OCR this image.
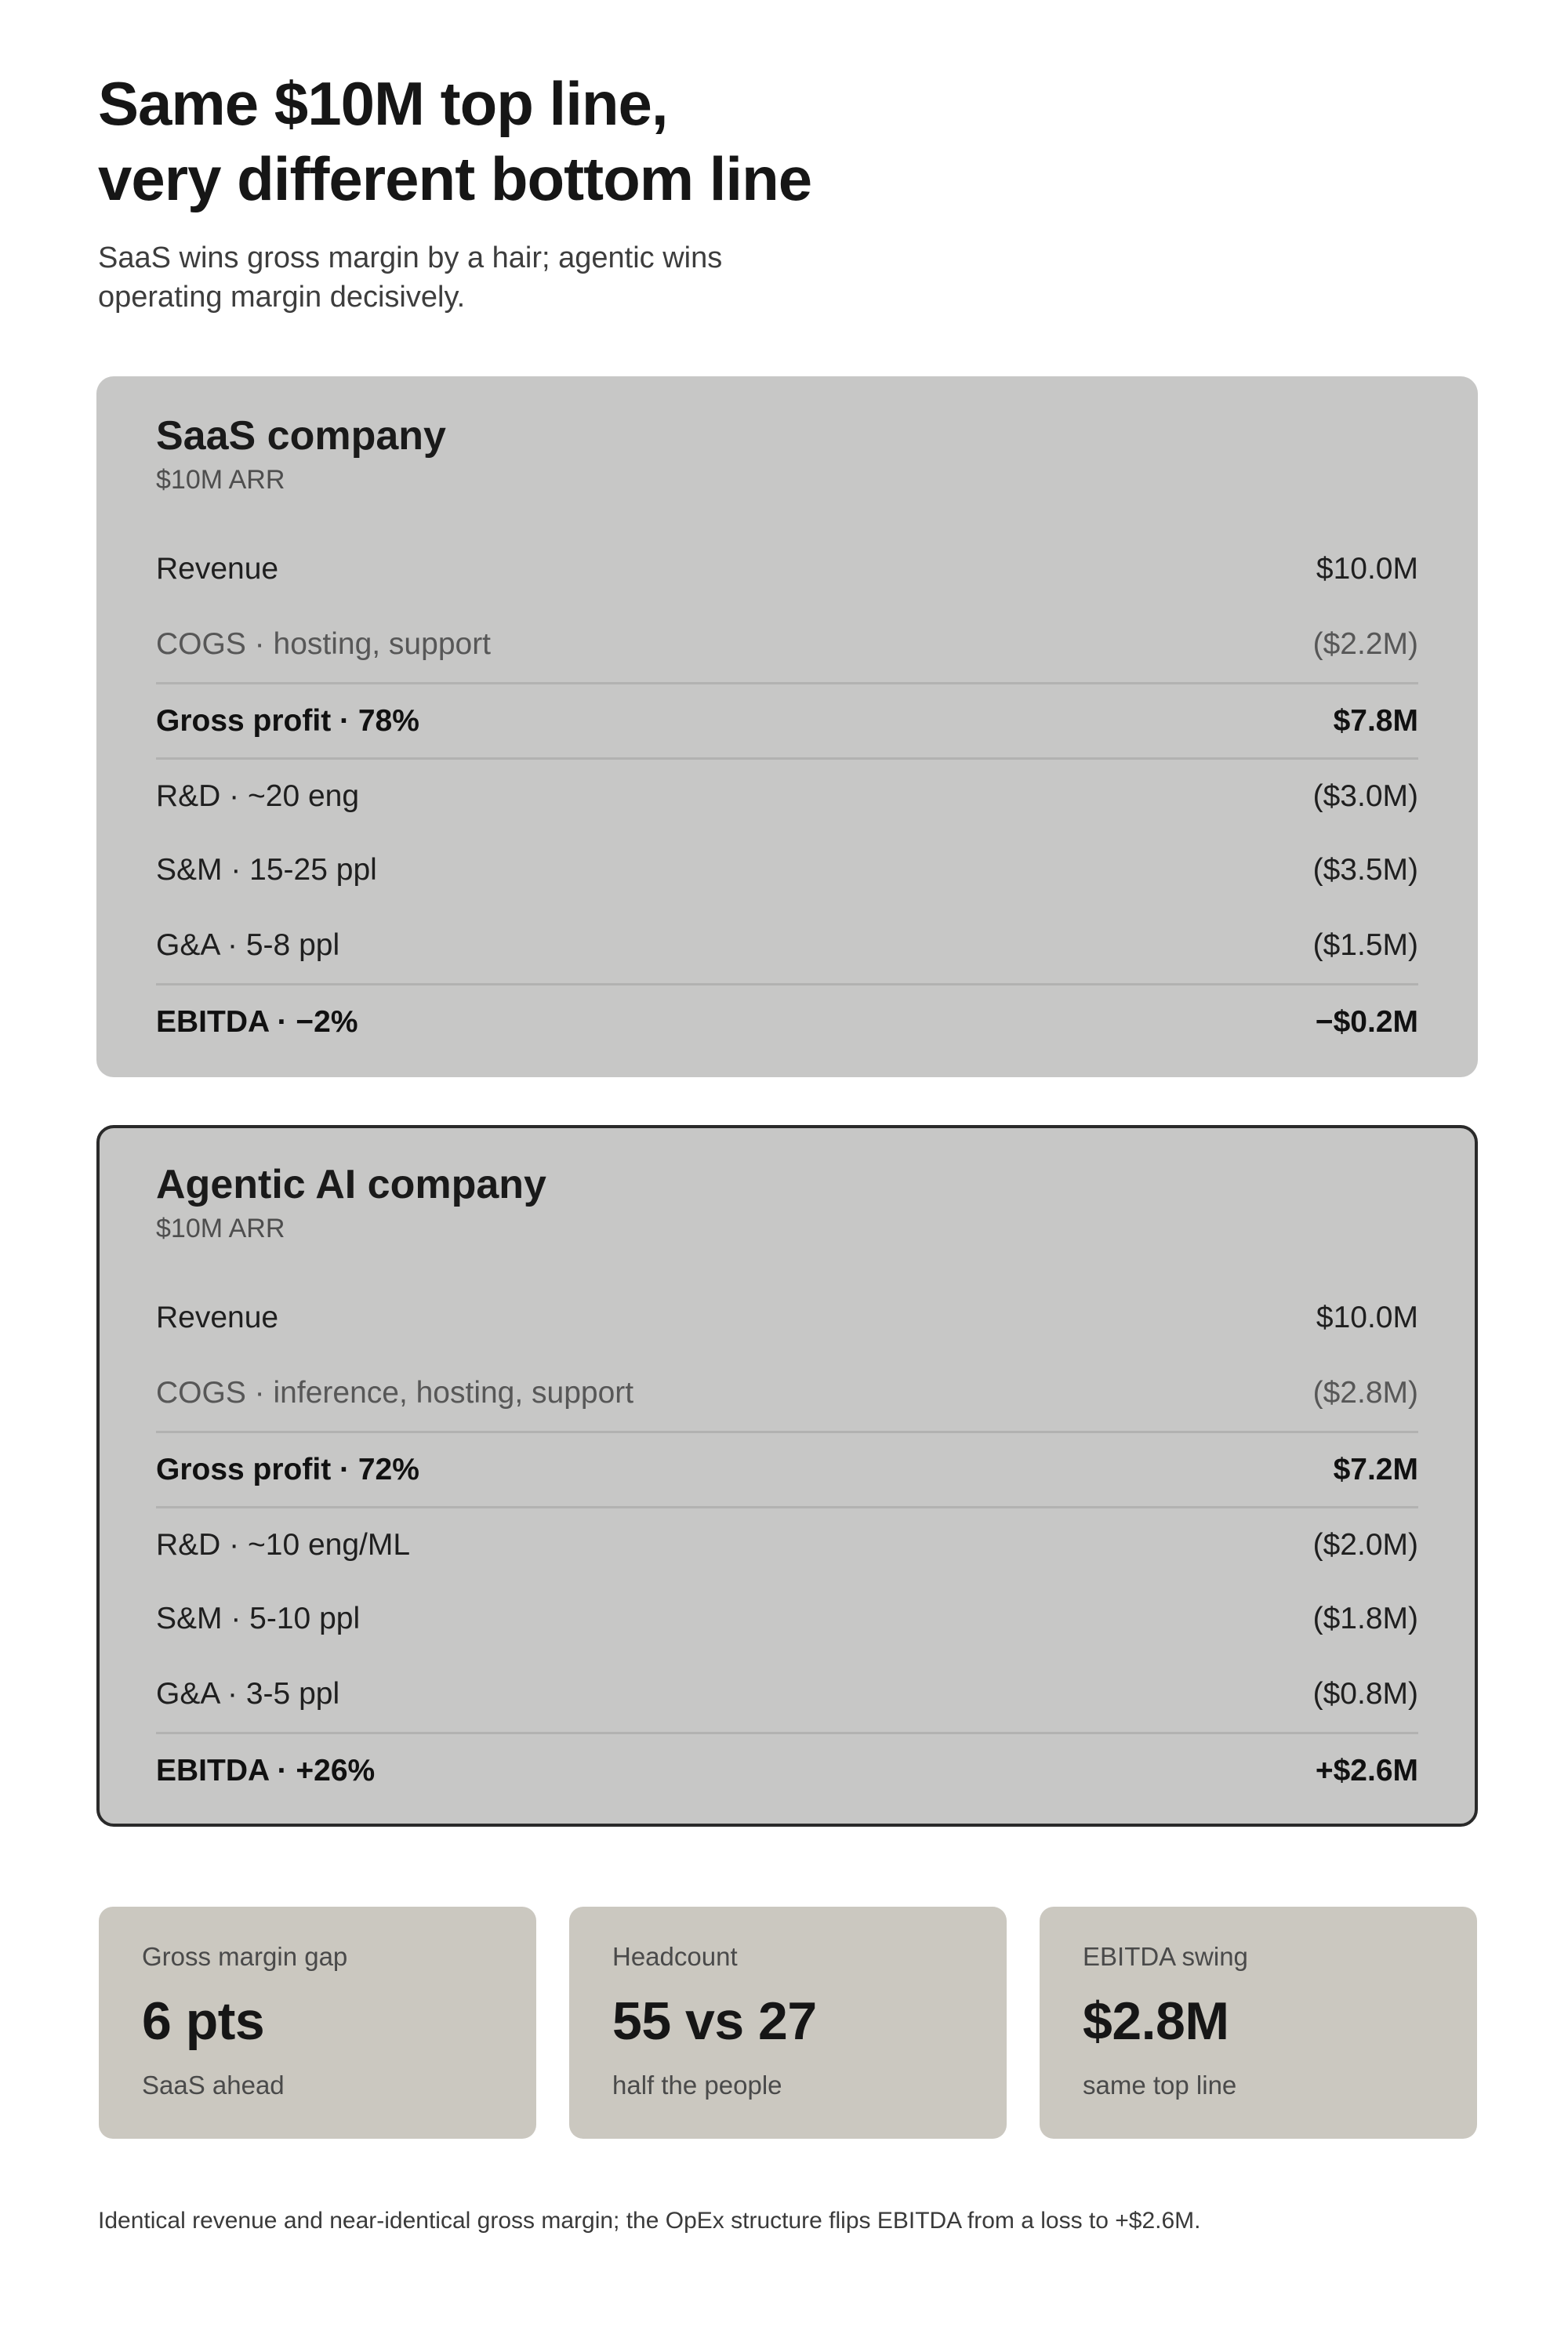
Same $10M top line,
very different bottom line

SaaS wins gross margin by a hair; agentic wins
operating margin decisively.

SaaS company
$10M ARR
Revenue	$10.0M
COGS · hosting, support	($2.2M)
Gross profit · 78%	$7.8M
R&D · ~20 eng	($3.0M)
S&M · 15-25 ppl	($3.5M)
G&A · 5-8 ppl	($1.5M)
EBITDA · −2%	−$0.2M
Agentic AI company
$10M ARR
Revenue	$10.0M
COGS · inference, hosting, support	($2.8M)
Gross profit · 72%	$7.2M
R&D · ~10 eng/ML	($2.0M)
S&M · 5-10 ppl	($1.8M)
G&A · 3-5 ppl	($0.8M)
EBITDA · +26%	+$2.6M
Gross margin gap
6 pts
SaaS ahead
Headcount
55 vs 27
half the people
EBITDA swing
$2.8M
same top line

Identical revenue and near-identical gross margin; the OpEx structure flips EBITDA from a loss to +$2.6M.
